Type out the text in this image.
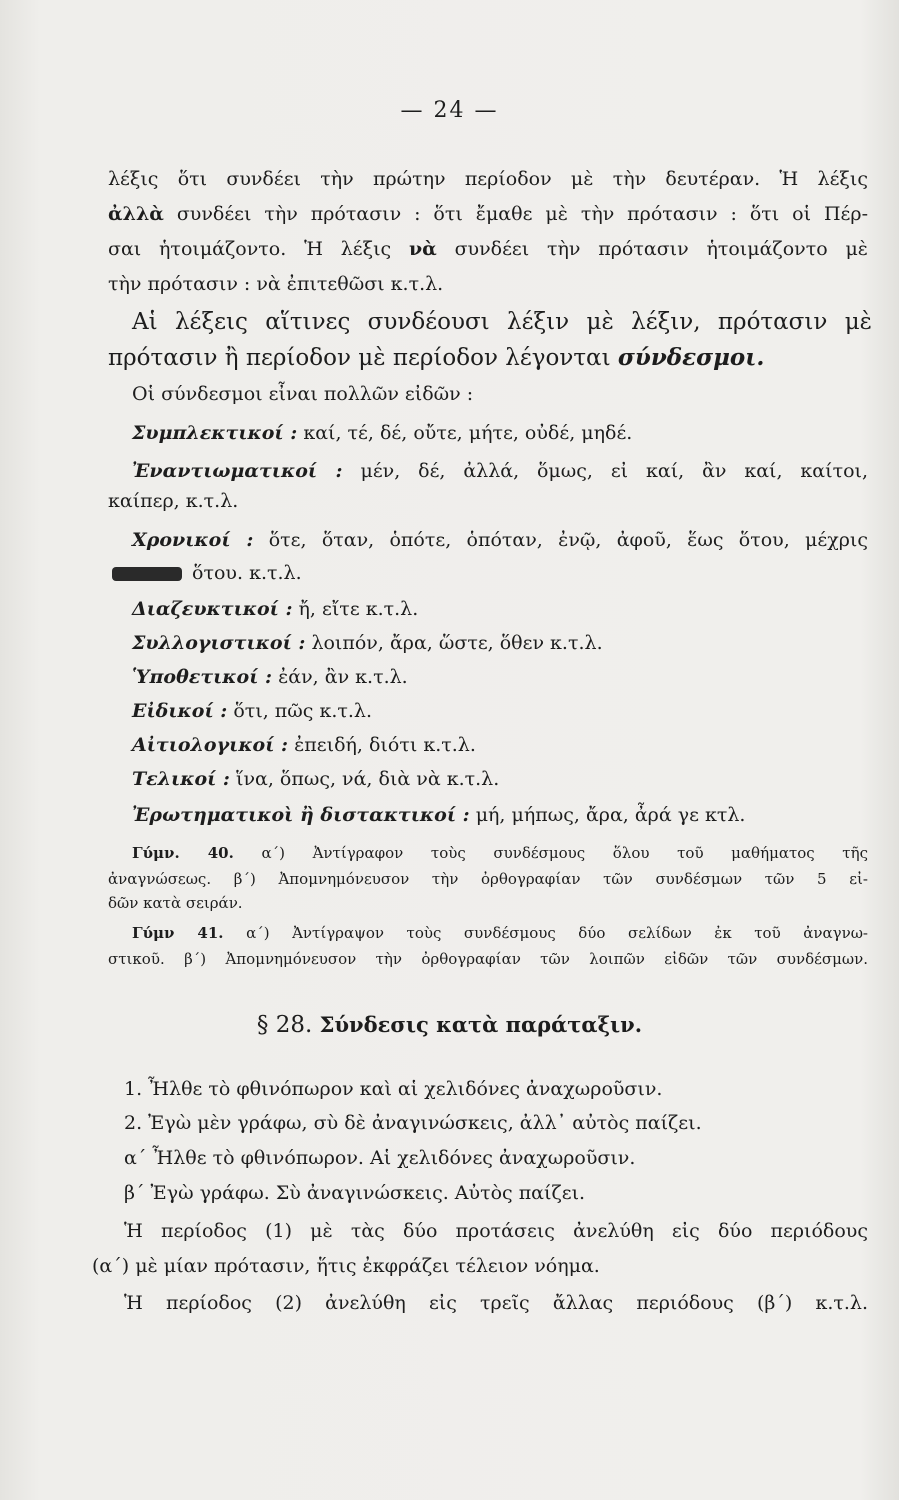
— 24 —
λέξις ὅτι συνδέει τὴν πρώτην περίοδον μὲ τὴν δευτέραν. Ἡ λέξις
ἀλλὰ συνδέει τὴν πρότασιν : ὅτι ἔμαθε μὲ τὴν πρότασιν : ὅτι οἱ Πέρ-
σαι ἡτοιμάζοντο. Ἡ λέξις νὰ συνδέει τὴν πρότασιν ἡτοιμάζοντο μὲ
τὴν πρότασιν : νὰ ἐπιτεθῶσι κ.τ.λ.
Αἱ λέξεις αἵτινες συνδέουσι λέξιν μὲ λέξιν, πρότασιν μὲ
πρότασιν ἢ περίοδον μὲ περίοδον λέγονται σύνδεσμοι.
Οἱ σύνδεσμοι εἶναι πολλῶν εἰδῶν :
Συμπλεκτικοί : καί, τέ, δέ, οὔτε, μήτε, οὐδέ, μηδέ.
Ἐναντιωματικοί : μέν, δέ, ἀλλά, ὅμως, εἰ καί, ἂν καί, καίτοι,
καίπερ, κ.τ.λ.
Χρονικοί : ὅτε, ὅταν, ὁπότε, ὁπόταν, ἐνῷ, ἀφοῦ, ἕως ὅτου, μέχρις
ὅτου. κ.τ.λ.
Διαζευκτικοί : ἤ, εἴτε κ.τ.λ.
Συλλογιστικοί : λοιπόν, ἄρα, ὥστε, ὅθεν κ.τ.λ.
Ὑποθετικοί : ἐάν, ἂν κ.τ.λ.
Εἰδικοί : ὅτι, πῶς κ.τ.λ.
Αἰτιολογικοί : ἐπειδή, διότι κ.τ.λ.
Τελικοί : ἵνα, ὅπως, νά, διὰ νὰ κ.τ.λ.
Ἐρωτηματικοὶ ἢ διστακτικοί : μή, μήπως, ἄρα, ἆρά γε κτλ.
Γύμν. 40. α΄) Ἀντίγραφον τοὺς συνδέσμους ὅλου τοῦ μαθήματος τῆς
ἀναγνώσεως. β΄) Ἀπομνημόνευσον τὴν ὀρθογραφίαν τῶν συνδέσμων τῶν 5 εἰ-
δῶν κατὰ σειράν.
Γύμν 41. α΄) Ἀντίγραψον τοὺς συνδέσμους δύο σελίδων ἐκ τοῦ ἀναγνω-
στικοῦ. β΄) Ἀπομνημόνευσον τὴν ὀρθογραφίαν τῶν λοιπῶν εἰδῶν τῶν συνδέσμων.
§ 28. Σύνδεσις κατὰ παράταξιν.
1. Ἦλθε τὸ φθινόπωρον καὶ αἱ χελιδόνες ἀναχωροῦσιν.
2. Ἐγὼ μὲν γράφω, σὺ δὲ ἀναγινώσκεις, ἀλλ᾽ αὐτὸς παίζει.
α΄ Ἦλθε τὸ φθινόπωρον. Αἱ χελιδόνες ἀναχωροῦσιν.
β΄ Ἐγὼ γράφω. Σὺ ἀναγινώσκεις. Αὐτὸς παίζει.
Ἡ περίοδος (1) μὲ τὰς δύο προτάσεις ἀνελύθη εἰς δύο περιόδους
(α΄) μὲ μίαν πρότασιν, ἥτις ἐκφράζει τέλειον νόημα.
Ἡ περίοδος (2) ἀνελύθη εἰς τρεῖς ἄλλας περιόδους (β΄) κ.τ.λ.
